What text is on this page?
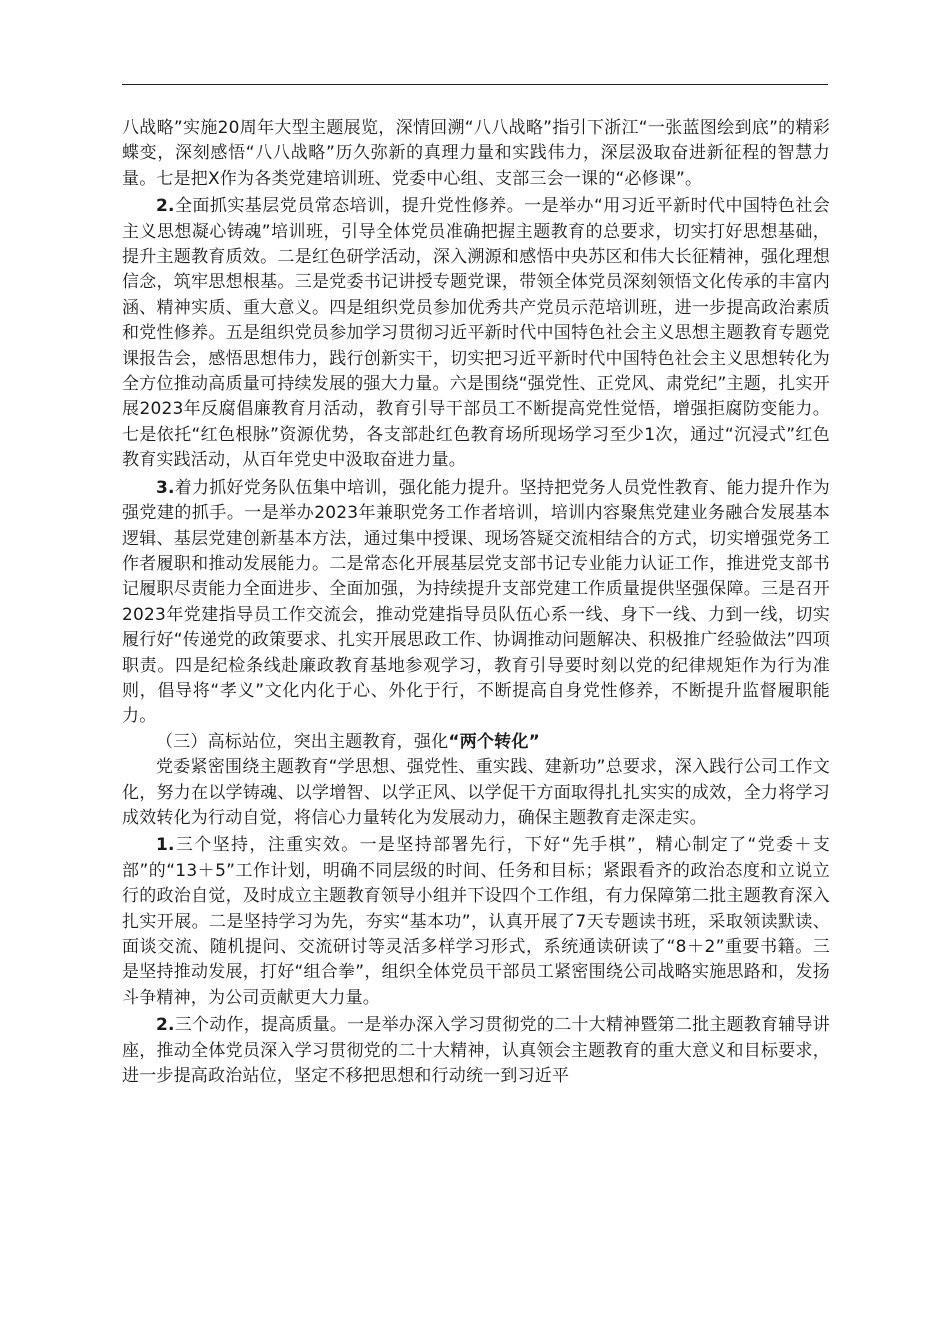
八战略”实施20周年大型主题展览，深情回溯“八八战略”指引下浙江“一张蓝图绘到底”的精彩蝶变，深刻感悟“八八战略”历久弥新的真理力量和实践伟力，深层汲取奋进新征程的智慧力量。七是把X作为各类党建培训班、党委中心组、支部三会一课的“必修课”。

2.全面抓实基层党员常态培训，提升党性修养。一是举办“用习近平新时代中国特色社会主义思想凝心铸魂”培训班，引导全体党员准确把握主题教育的总要求，切实打好思想基础，提升主题教育质效。二是红色研学活动，深入溯源和感悟中央苏区和伟大长征精神，强化理想信念，筑牢思想根基。三是党委书记讲授专题党课，带领全体党员深刻领悟文化传承的丰富内涵、精神实质、重大意义。四是组织党员参加优秀共产党员示范培训班，进一步提高政治素质和党性修养。五是组织党员参加学习贯彻习近平新时代中国特色社会主义思想主题教育专题党课报告会，感悟思想伟力，践行创新实干，切实把习近平新时代中国特色社会主义思想转化为全方位推动高质量可持续发展的强大力量。六是围绕“强党性、正党风、肃党纪”主题，扎实开展2023年反腐倡廉教育月活动，教育引导干部员工不断提高党性觉悟，增强拒腐防变能力。七是依托“红色根脉”资源优势，各支部赴红色教育场所现场学习至少1次，通过“沉浸式”红色教育实践活动，从百年党史中汲取奋进力量。

3.着力抓好党务队伍集中培训，强化能力提升。坚持把党务人员党性教育、能力提升作为强党建的抓手。一是举办2023年兼职党务工作者培训，培训内容聚焦党建业务融合发展基本逻辑、基层党建创新基本方法，通过集中授课、现场答疑交流相结合的方式，切实增强党务工作者履职和推动发展能力。二是常态化开展基层党支部书记专业能力认证工作，推进党支部书记履职尽责能力全面进步、全面加强，为持续提升支部党建工作质量提供坚强保障。三是召开2023年党建指导员工作交流会，推动党建指导员队伍心系一线、身下一线、力到一线，切实履行好“传递党的政策要求、扎实开展思政工作、协调推动问题解决、积极推广经验做法”四项职责。四是纪检条线赴廉政教育基地参观学习，教育引导要时刻以党的纪律规矩作为行为准则，倡导将“孝义”文化内化于心、外化于行，不断提高自身党性修养，不断提升监督履职能力。

（三）高标站位，突出主题教育，强化“两个转化”

党委紧密围绕主题教育“学思想、强党性、重实践、建新功”总要求，深入践行公司工作文化，努力在以学铸魂、以学增智、以学正风、以学促干方面取得扎扎实实的成效，全力将学习成效转化为行动自觉，将信心力量转化为发展动力，确保主题教育走深走实。

1.三个坚持，注重实效。一是坚持部署先行，下好“先手棋”，精心制定了“党委＋支部”的“13＋5”工作计划，明确不同层级的时间、任务和目标；紧跟看齐的政治态度和立说立行的政治自觉，及时成立主题教育领导小组并下设四个工作组，有力保障第二批主题教育深入扎实开展。二是坚持学习为先，夯实“基本功”，认真开展了7天专题读书班，采取领读默读、面谈交流、随机提问、交流研讨等灵活多样学习形式，系统通读研读了“8＋2”重要书籍。三是坚持推动发展，打好“组合拳”，组织全体党员干部员工紧密围绕公司战略实施思路和，发扬斗争精神，为公司贡献更大力量。

2.三个动作，提高质量。一是举办深入学习贯彻党的二十大精神暨第二批主题教育辅导讲座，推动全体党员深入学习贯彻党的二十大精神，认真领会主题教育的重大意义和目标要求，进一步提高政治站位，坚定不移把思想和行动统一到习近平
